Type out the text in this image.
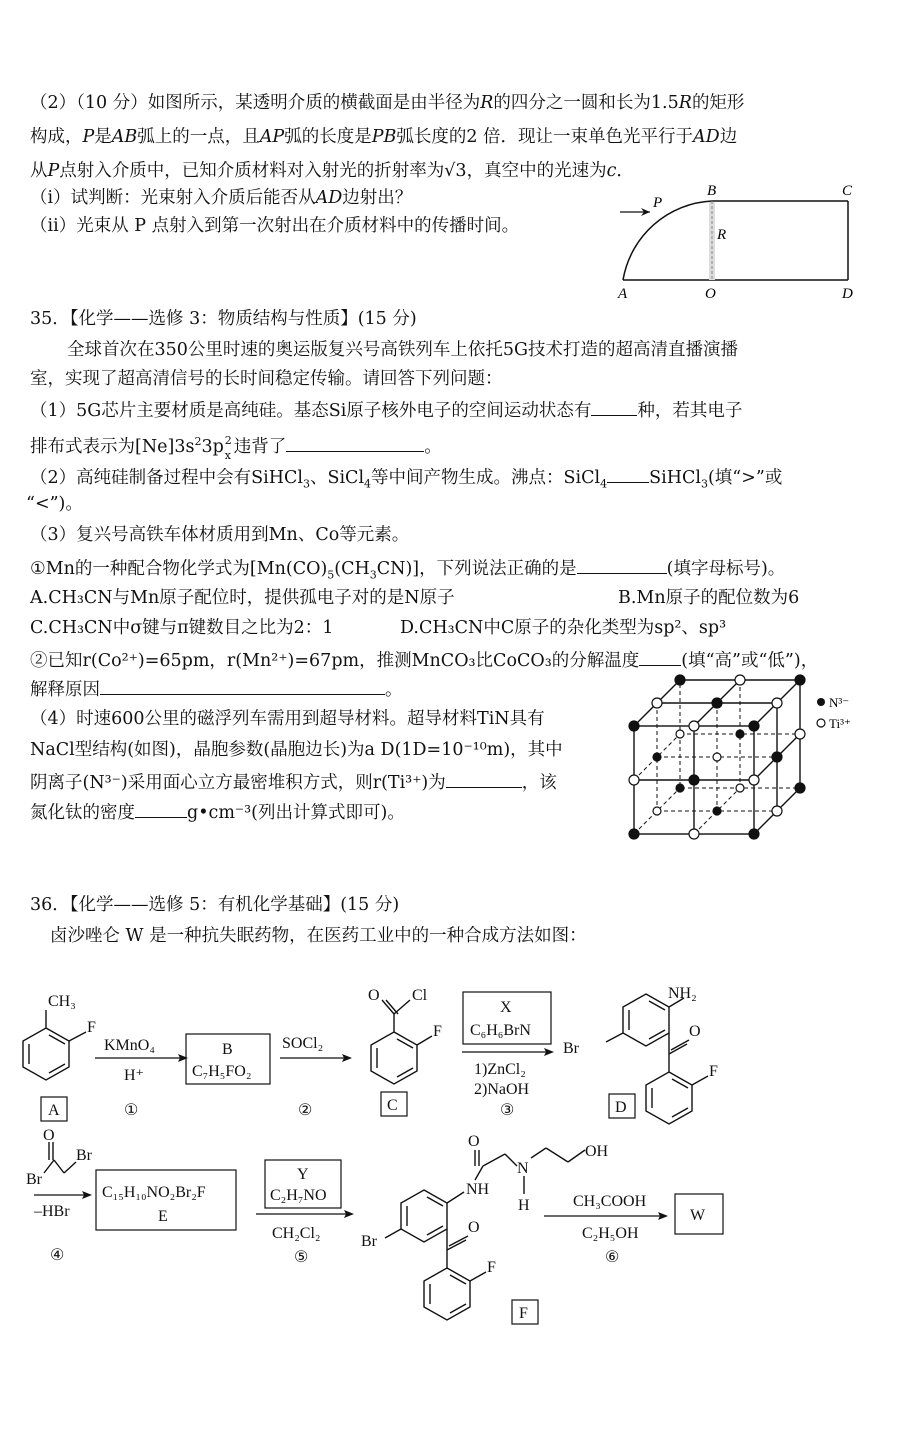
（2）（10 分）如图所示，某透明介质的横截面是由半径为R的四分之一圆和长为1.5R的矩形
构成，P是AB弧上的一点，且AP弧的长度是PB弧长度的2 倍．现让一束单色光平行于AD边
从P点射入介质中，已知介质材料对入射光的折射率为√3，真空中的光速为c．
（i）试判断：光束射入介质后能否从AD边射出？
（ii）光束从 P 点射入到第一次射出在介质材料中的传播时间。
P
B	C
R
A	O	D
35．【化学——选修 3：物质结构与性质】(15 分)
全球首次在350公里时速的奥运版复兴号高铁列车上依托5G技术打造的超高清直播演播
室，实现了超高清信号的长时间稳定传输。请回答下列问题：
（1）5G芯片主要材质是高纯硅。基态Si原子核外电子的空间运动状态有	种，若其电子
排布式表示为$[Ne]3s^23p$ 2
x 违背了	。
（2）高纯硅制备过程中会有SiHCl$_3$、SiCl$_4$等中间产物生成。沸点：SiCl$_4$ SiHCl$_3$(填“>”或
“<”)。
（3）复兴号高铁车体材质用到Mn、Co等元素。
①Mn的一种配合物化学式为$[Mn(CO)_5(CH_3CN)]$，下列说法正确的是	(填字母标号)。
A.CH₃CN与Mn原子配位时，提供孤电子对的是N原子	B.Mn原子的配位数为6
C.CH₃CN中σ键与π键数目之比为2：1	D.CH₃CN中C原子的杂化类型为sp²、sp³
②已知r(Co²⁺)=65pm，r(Mn²⁺)=67pm，推测MnCO₃比CoCO₃的分解温度 (填“高”或“低”)，
解释原因	。
（4）时速600公里的磁浮列车需用到超导材料。超导材料TiN具有
NaCl型结构(如图)，晶胞参数(晶胞边长)为a D(1D=10⁻¹⁰m)，其中
阴离子(N³⁻)采用面心立方最密堆积方式，则r(Ti³⁺)为	，该
氮化钛的密度	g•cm⁻³(列出计算式即可)。
N³⁻
Ti³⁺
36．【化学——选修 5：有机化学基础】(15 分)
卤沙唑仑 W 是一种抗失眠药物，在医药工业中的一种合成方法如图：
CH₃
F
A
KMnO₄
H⁺
①
B
C₇H₅FO₂
SOCl₂
②
O Cl
F
C
X
C₆H₆BrN
1)ZnCl₂
2)NaOH
③
NH₂
Br
O
F
D
O
Br
Br
–HBr
④
C₁₅H₁₀NO₂Br₂F
E
Y
C₂H₇NO
CH₂Cl₂
⑤
O
NH
N
OH
H
Br
O
F
F
CH₃COOH
C₂H₅OH
⑥
W
